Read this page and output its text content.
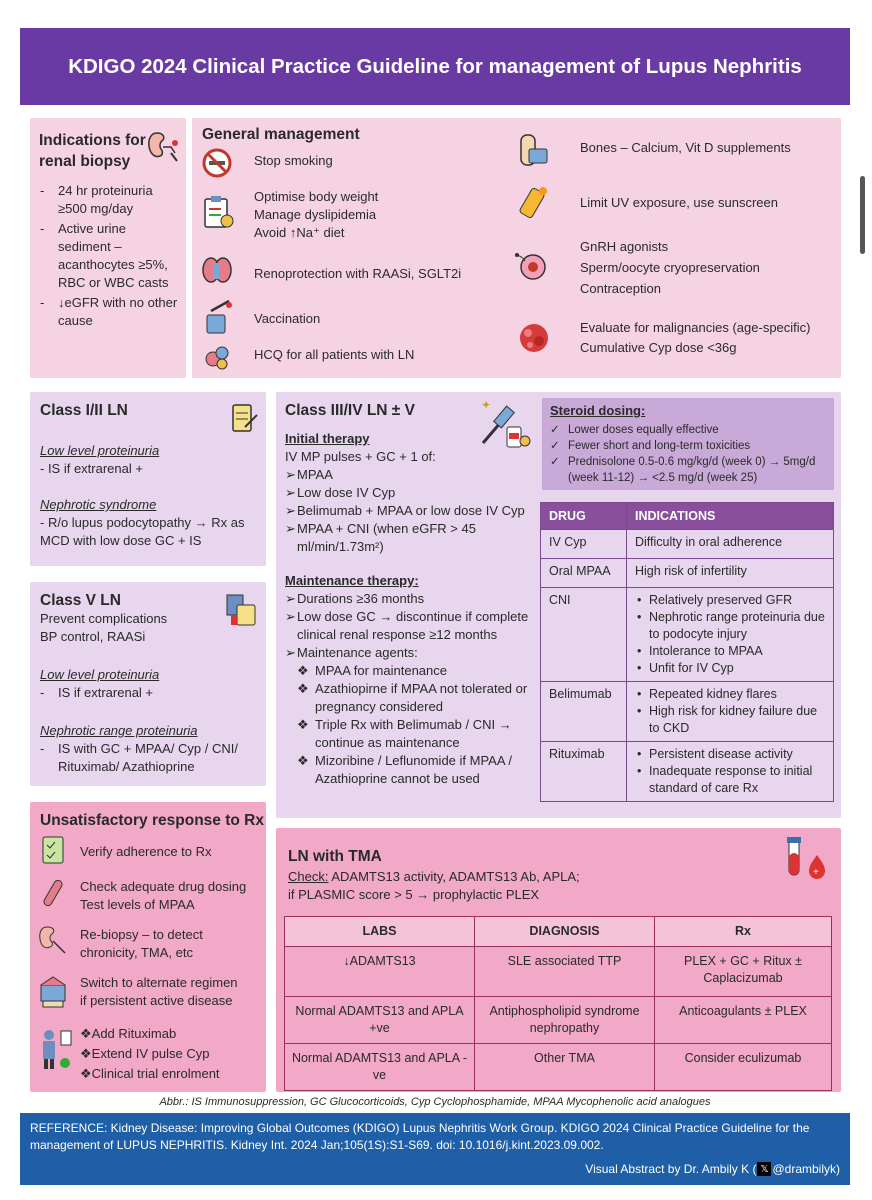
KDIGO 2024 Clinical Practice Guideline for management of Lupus Nephritis
Indications for
renal biopsy
- 24 hr proteinuria ≥500 mg/day
- Active urine sediment – acanthocytes ≥5%, RBC or WBC casts
- ↓eGFR with no other cause
General management
Stop smoking
Optimise body weight
Manage dyslipidemia
Avoid ↑Na⁺ diet
Renoprotection with RAASi, SGLT2i
Vaccination
HCQ for all patients with LN
Bones – Calcium, Vit D supplements
Limit UV exposure, use sunscreen
GnRH agonists
Sperm/oocyte cryopreservation
Contraception
Evaluate for malignancies (age-specific)
Cumulative Cyp dose <36g
Class I/II LN
Low level proteinuria
- IS if extrarenal +
Nephrotic syndrome
- R/o lupus podocytopathy → Rx as
MCD with low dose GC + IS
Class V LN
Prevent complications
BP control, RAASi
Low level proteinuria
- IS if extrarenal +
Nephrotic range proteinuria
- IS with GC + MPAA/ Cyp / CNI/
Rituximab/ Azathioprine
Unsatisfactory response to Rx
Verify adherence to Rx
Check adequate drug dosing
Test levels of MPAA
Re-biopsy – to detect
chronicity, TMA, etc
Switch to alternate regimen
if persistent active disease
❖Add Rituximab
❖Extend IV pulse Cyp
❖Clinical trial enrolment
Class III/IV LN ± V	✦
Initial therapy
IV MP pulses + GC + 1 of:
➢ MPAA
➢ Low dose IV Cyp
➢ Belimumab + MPAA or low dose IV Cyp
➢ MPAA + CNI (when eGFR > 45 ml/min/1.73m²)
Maintenance therapy:
➢ Durations ≥36 months
➢ Low dose GC → discontinue if complete clinical renal response ≥12 months
➢ Maintenance agents:
❖ MPAA for maintenance
❖ Azathiopirne if MPAA not tolerated or pregnancy considered
❖ Triple Rx with Belimumab / CNI → continue as maintenance
❖ Mizoribine / Leflunomide if MPAA / Azathioprine cannot be used
Steroid dosing:
✓ Lower doses equally effective
✓ Fewer short and long-term toxicities
✓ Prednisolone 0.5-0.6 mg/kg/d (week 0) → 5mg/d (week 11-12) → <2.5 mg/d (week 25)
DRUG	INDICATIONS
IV Cyp	Difficulty in oral adherence
Oral MPAA	High risk of infertility
CNI	• Relatively preserved GFR
• Nephrotic range proteinuria due to podocyte injury
• Intolerance to MPAA
• Unfit for IV Cyp

Belimumab	• Repeated kidney flares
• High risk for kidney failure due to CKD

Rituximab	• Persistent disease activity
• Inadequate response to initial standard of care Rx
LN with TMA
+
Check: ADAMTS13 activity, ADAMTS13 Ab, APLA;
if PLASMIC score > 5 → prophylactic PLEX
LABS	DIAGNOSIS	Rx
↓ADAMTS13	SLE associated TTP	PLEX + GC + Ritux ± Caplacizumab
Normal ADAMTS13 and APLA +ve	Antiphospholipid syndrome nephropathy	Anticoagulants ± PLEX
Normal ADAMTS13 and APLA -ve	Other TMA	Consider eculizumab
Abbr.: IS Immunosuppression, GC Glucocorticoids, Cyp Cyclophosphamide, MPAA Mycophenolic acid analogues
REFERENCE: Kidney Disease: Improving Global Outcomes (KDIGO) Lupus Nephritis Work Group. KDIGO 2024 Clinical Practice Guideline for the management of LUPUS NEPHRITIS. Kidney Int. 2024 Jan;105(1S):S1-S69. doi: 10.1016/j.kint.2023.09.002.
Visual Abstract by Dr. Ambily K ( 𝕏 @drambilyk)
